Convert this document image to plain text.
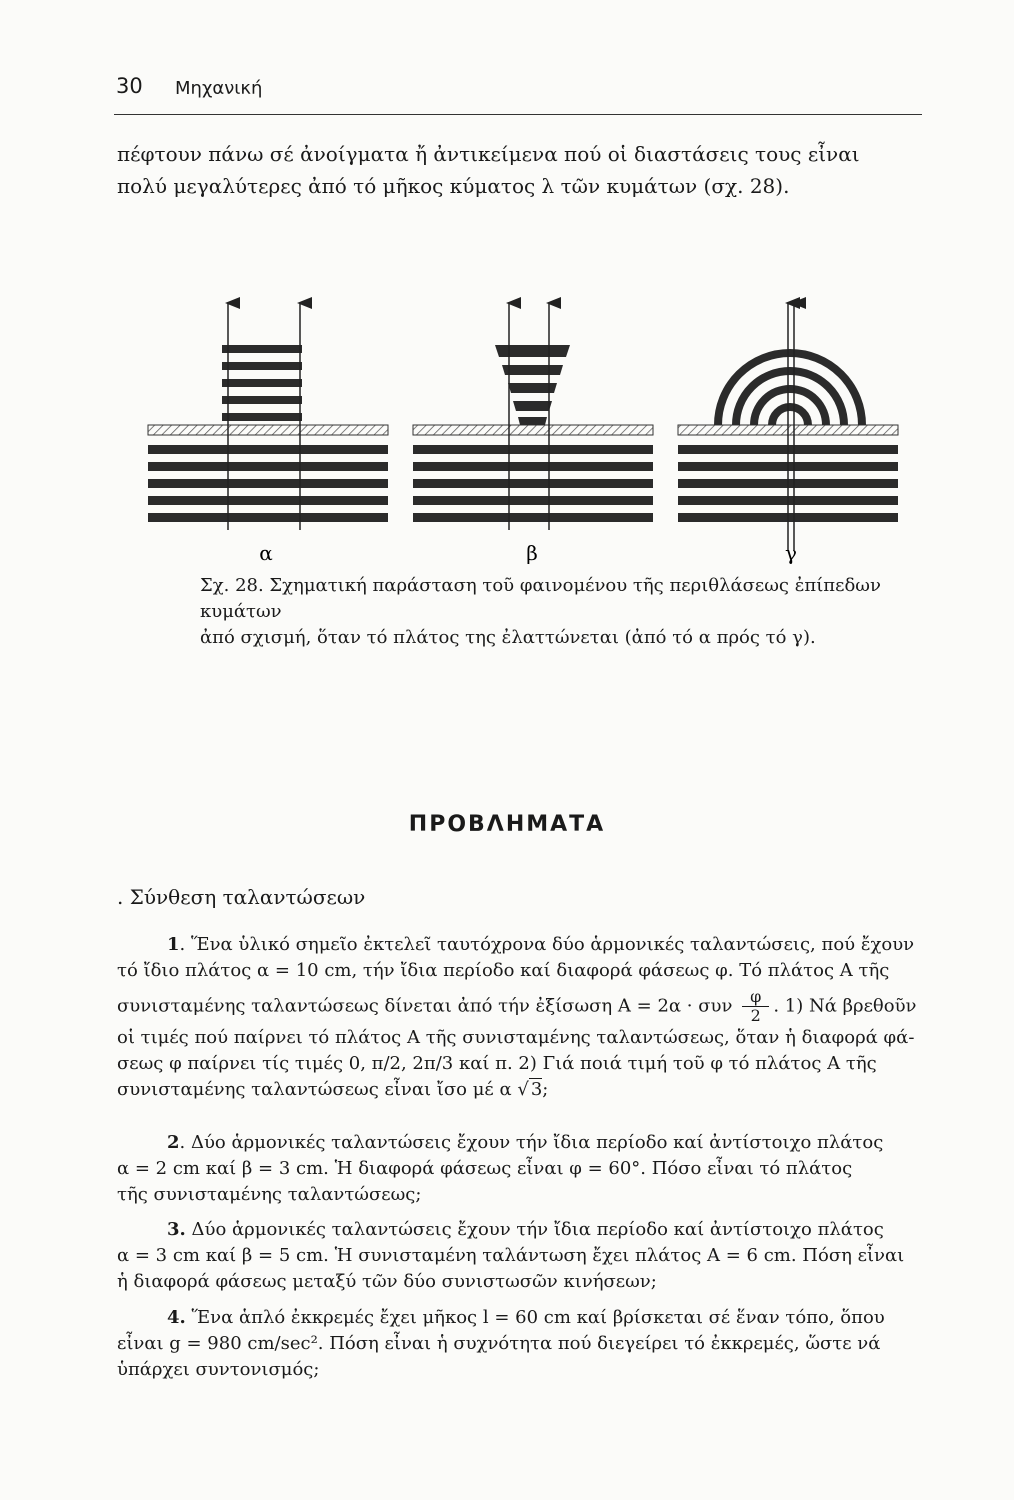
30 Μηχανική
πέφτουν πάνω σέ ἀνοίγματα ἤ ἀντικείμενα πού οἱ διαστάσεις τους εἶναι
πολύ μεγαλύτερες ἀπό τό μῆκος κύματος λ τῶν κυμάτων (σχ. 28).
α	β	γ
Σχ. 28. Σχηματική παράσταση τοῦ φαινομένου τῆς περιθλάσεως ἐπίπεδων κυμάτων
ἀπό σχισμή, ὅταν τό πλάτος της ἐλαττώνεται (ἀπό τό α πρός τό γ).
ΠΡΟΒΛΗΜΑΤΑ
. Σύνθεση ταλαντώσεων
1. Ἕνα ὑλικό σημεῖο ἐκτελεῖ ταυτόχρονα δύο ἁρμονικές ταλαντώσεις, πού ἔχουν
τό ἴδιο πλάτος α = 10 cm, τήν ἴδια περίοδο καί διαφορά φάσεως φ. Τό πλάτος Α τῆς
συνισταμένης ταλαντώσεως δίνεται ἀπό τήν ἐξίσωση Α = 2α · συν $\frac{\varphi}{2}$ . 1) Νά βρεθοῦν
οἱ τιμές πού παίρνει τό πλάτος Α τῆς συνισταμένης ταλαντώσεως, ὅταν ἡ διαφορά φά-
σεως φ παίρνει τίς τιμές 0, π/2, 2π/3 καί π. 2) Γιά ποιά τιμή τοῦ φ τό πλάτος Α τῆς
συνισταμένης ταλαντώσεως εἶναι ἴσο μέ α √ 3;
2. Δύο ἁρμονικές ταλαντώσεις ἔχουν τήν ἴδια περίοδο καί ἀντίστοιχο πλάτος
α = 2 cm καί β = 3 cm. Ἡ διαφορά φάσεως εἶναι φ = 60°. Πόσο εἶναι τό πλάτος
τῆς συνισταμένης ταλαντώσεως;
3. Δύο ἁρμονικές ταλαντώσεις ἔχουν τήν ἴδια περίοδο καί ἀντίστοιχο πλάτος
α = 3 cm καί β = 5 cm. Ἡ συνισταμένη ταλάντωση ἔχει πλάτος Α = 6 cm. Πόση εἶναι
ἡ διαφορά φάσεως μεταξύ τῶν δύο συνιστωσῶν κινήσεων;
4. Ἕνα ἁπλό ἐκκρεμές ἔχει μῆκος l = 60 cm καί βρίσκεται σέ ἕναν τόπο, ὅπου
εἶναι g = 980 cm/sec². Πόση εἶναι ἡ συχνότητα πού διεγείρει τό ἐκκρεμές, ὥστε νά
ὑπάρχει συντονισμός;
